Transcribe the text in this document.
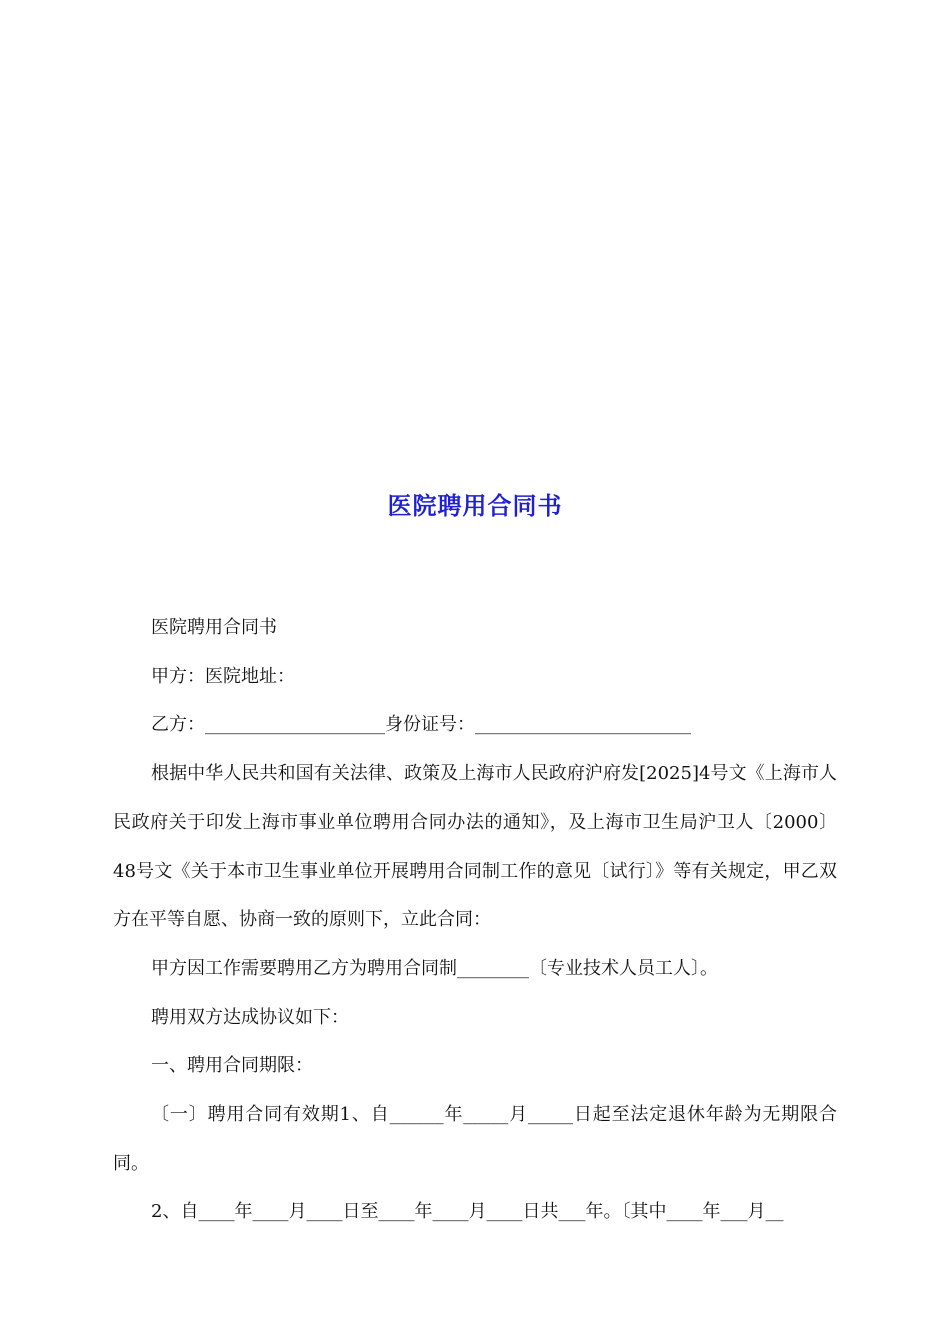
医院聘用合同书

医院聘用合同书

甲方：医院地址：

乙方：____________________身份证号：________________________

根据中华人民共和国有关法律、政策及上海市人民政府沪府发[2025]4号文《上海市人民政府关于印发上海市事业单位聘用合同办法的通知》，及上海市卫生局沪卫人〔2000〕48号文《关于本市卫生事业单位开展聘用合同制工作的意见〔试行〕》等有关规定，甲乙双方在平等自愿、协商一致的原则下，立此合同：

甲方因工作需要聘用乙方为聘用合同制________〔专业技术人员工人〕。

聘用双方达成协议如下：

一、聘用合同期限：

〔一〕聘用合同有效期1、自______年_____月_____日起至法定退休年龄为无期限合同。

2、自____年____月____日至____年____月____日共___年。〔其中____年___月__
